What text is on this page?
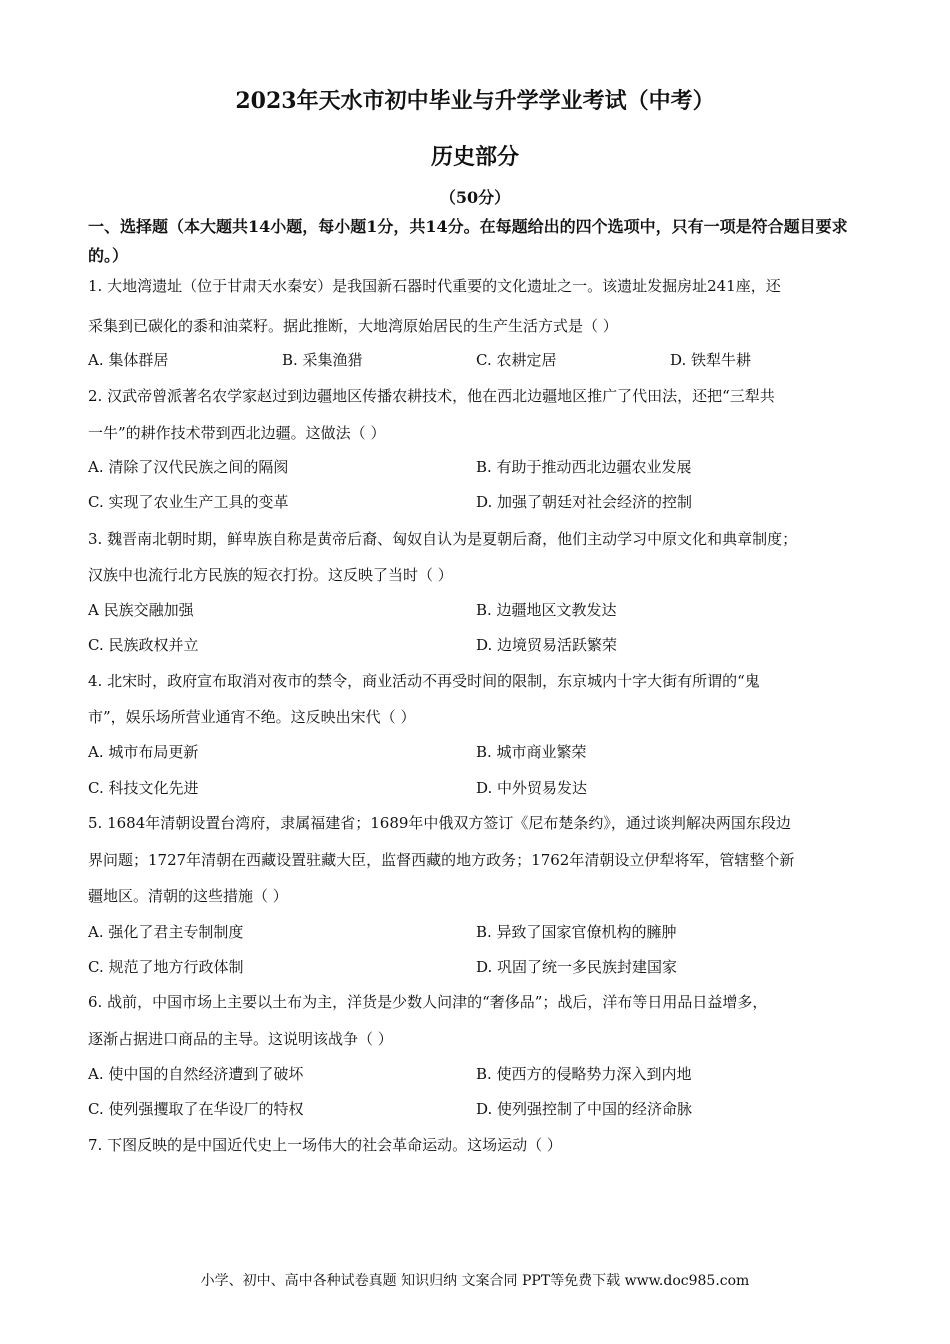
2023年天水市初中毕业与升学学业考试（中考）
历史部分
（50分）
一、选择题（本大题共14小题，每小题1分，共14分。在每题给出的四个选项中，只有一项是符合题目要求的。）
1. 大地湾遗址（位于甘肃天水秦安）是我国新石器时代重要的文化遗址之一。该遗址发掘房址241座，还
采集到已碳化的黍和油菜籽。据此推断，大地湾原始居民的生产生活方式是（ ）
A. 集体群居	B. 采集渔猎	C. 农耕定居	D. 铁犁牛耕
2. 汉武帝曾派著名农学家赵过到边疆地区传播农耕技术，他在西北边疆地区推广了代田法，还把“三犁共
一牛”的耕作技术带到西北边疆。这做法（ ）
A. 清除了汉代民族之间的隔阂	B. 有助于推动西北边疆农业发展
C. 实现了农业生产工具的变革	D. 加强了朝廷对社会经济的控制
3. 魏晋南北朝时期，鲜卑族自称是黄帝后裔、匈奴自认为是夏朝后裔，他们主动学习中原文化和典章制度；
汉族中也流行北方民族的短衣打扮。这反映了当时（ ）
A 民族交融加强	B. 边疆地区文教发达
C. 民族政权并立	D. 边境贸易活跃繁荣
4. 北宋时，政府宣布取消对夜市的禁令，商业活动不再受时间的限制，东京城内十字大街有所谓的“鬼
市”，娱乐场所营业通宵不绝。这反映出宋代（ ）
A. 城市布局更新	B. 城市商业繁荣
C. 科技文化先进	D. 中外贸易发达
5. 1684年清朝设置台湾府，隶属福建省；1689年中俄双方签订《尼布楚条约》，通过谈判解决两国东段边
界问题；1727年清朝在西藏设置驻藏大臣，监督西藏的地方政务；1762年清朝设立伊犁将军，管辖整个新
疆地区。清朝的这些措施（ ）
A. 强化了君主专制制度	B. 异致了国家官僚机构的臃肿
C. 规范了地方行政体制	D. 巩固了统一多民族封建国家
6. 战前，中国市场上主要以土布为主，洋货是少数人问津的“奢侈品”；战后，洋布等日用品日益增多，
逐渐占据进口商品的主导。这说明该战争（ ）
A. 使中国的自然经济遭到了破坏	B. 使西方的侵略势力深入到内地
C. 使列强攫取了在华设厂的特权	D. 使列强控制了中国的经济命脉
7. 下图反映的是中国近代史上一场伟大的社会革命运动。这场运动（ ）
小学、初中、高中各种试卷真题 知识归纳 文案合同 PPT等免费下载 www.doc985.com
